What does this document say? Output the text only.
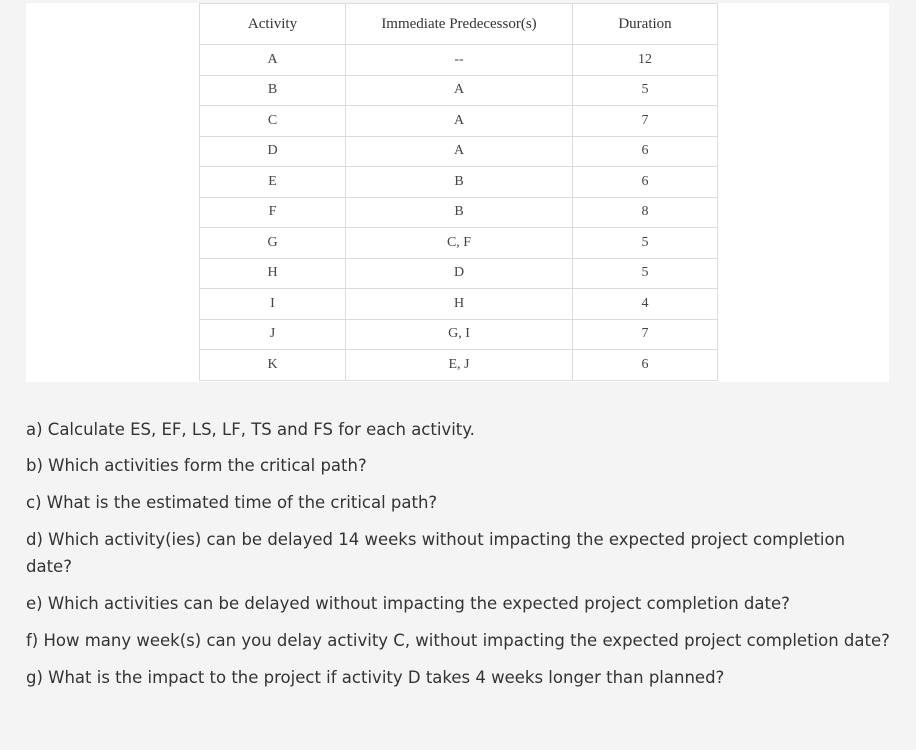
Activity	Immediate Predecessor(s)	Duration
A	--	12
B	A	5
C	A	7
D	A	6
E	B	6
F	B	8
G	C, F	5
H	D	5
I	H	4
J	G, I	7
K	E, J	6

a) Calculate ES, EF, LS, LF, TS and FS for each activity.

b) Which activities form the critical path?

c) What is the estimated time of the critical path?

d) Which activity(ies) can be delayed 14 weeks without impacting the expected project completion date?

e) Which activities can be delayed without impacting the expected project completion date?

f) How many week(s) can you delay activity C, without impacting the expected project completion date?

g) What is the impact to the project if activity D takes 4 weeks longer than planned?
